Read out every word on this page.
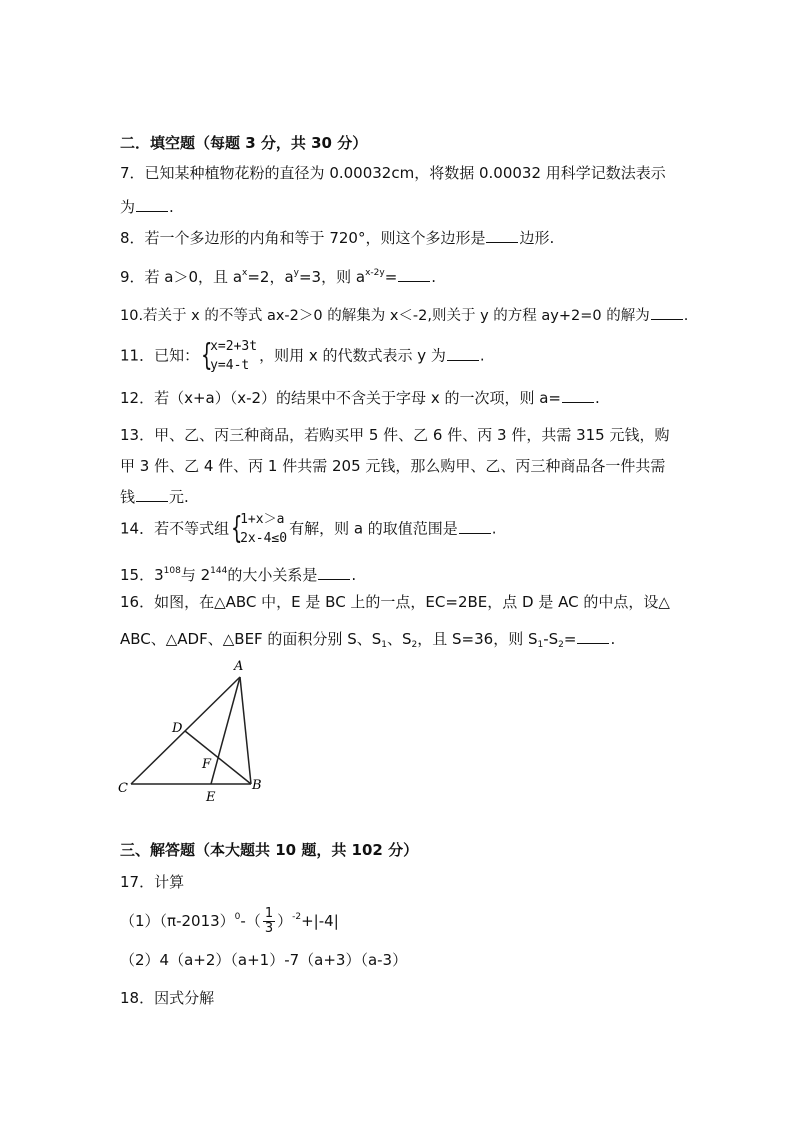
二．填空题（每题 3 分，共 30 分）
7．已知某种植物花粉的直径为 0.00032cm，将数据 0.00032 用科学记数法表示
为 .
8．若一个多边形的内角和等于 720°，则这个多边形是 边形.
9．若 a＞0，且 $a^x=2$，$a^y=3$，则 $a^{x-2y}=$ .
10.若关于 x 的不等式 ax-2＞0 的解集为 x＜-2,则关于 y 的方程 ay+2=0 的解为 .
11．已知： {
x=2+3t
y=4-t
，则用 x 的代数式表示 y 为 .
12．若（x+a）（x-2）的结果中不含关于字母 x 的一次项，则 a= .
13．甲、乙、丙三种商品，若购买甲 5 件、乙 6 件、丙 3 件，共需 315 元钱，购
甲 3 件、乙 4 件、丙 1 件共需 205 元钱，那么购甲、乙、丙三种商品各一件共需
钱 元.
14．若不等式组 {
1+x＞a
2x-4≤0
有解，则 a 的取值范围是 .
15．$3^{108}$与 $2^{144}$的大小关系是 .
16．如图，在△ABC 中，E 是 BC 上的一点，EC=2BE，点 D 是 AC 的中点，设△
ABC、△ADF、△BEF 的面积分别 S、$S_1$、$S_2$，且 S=36，则 $S_1-S_2=$ .
A
D
F
C
E
B
三、解答题（本大题共 10 题，共 102 分）
17．计算
$(1)(\pi-2013)^0-( \frac{1}{3} )^{-2}+|-4|$
（2）4（a+2）（a+1）-7（a+3）（a-3）
18．因式分解
